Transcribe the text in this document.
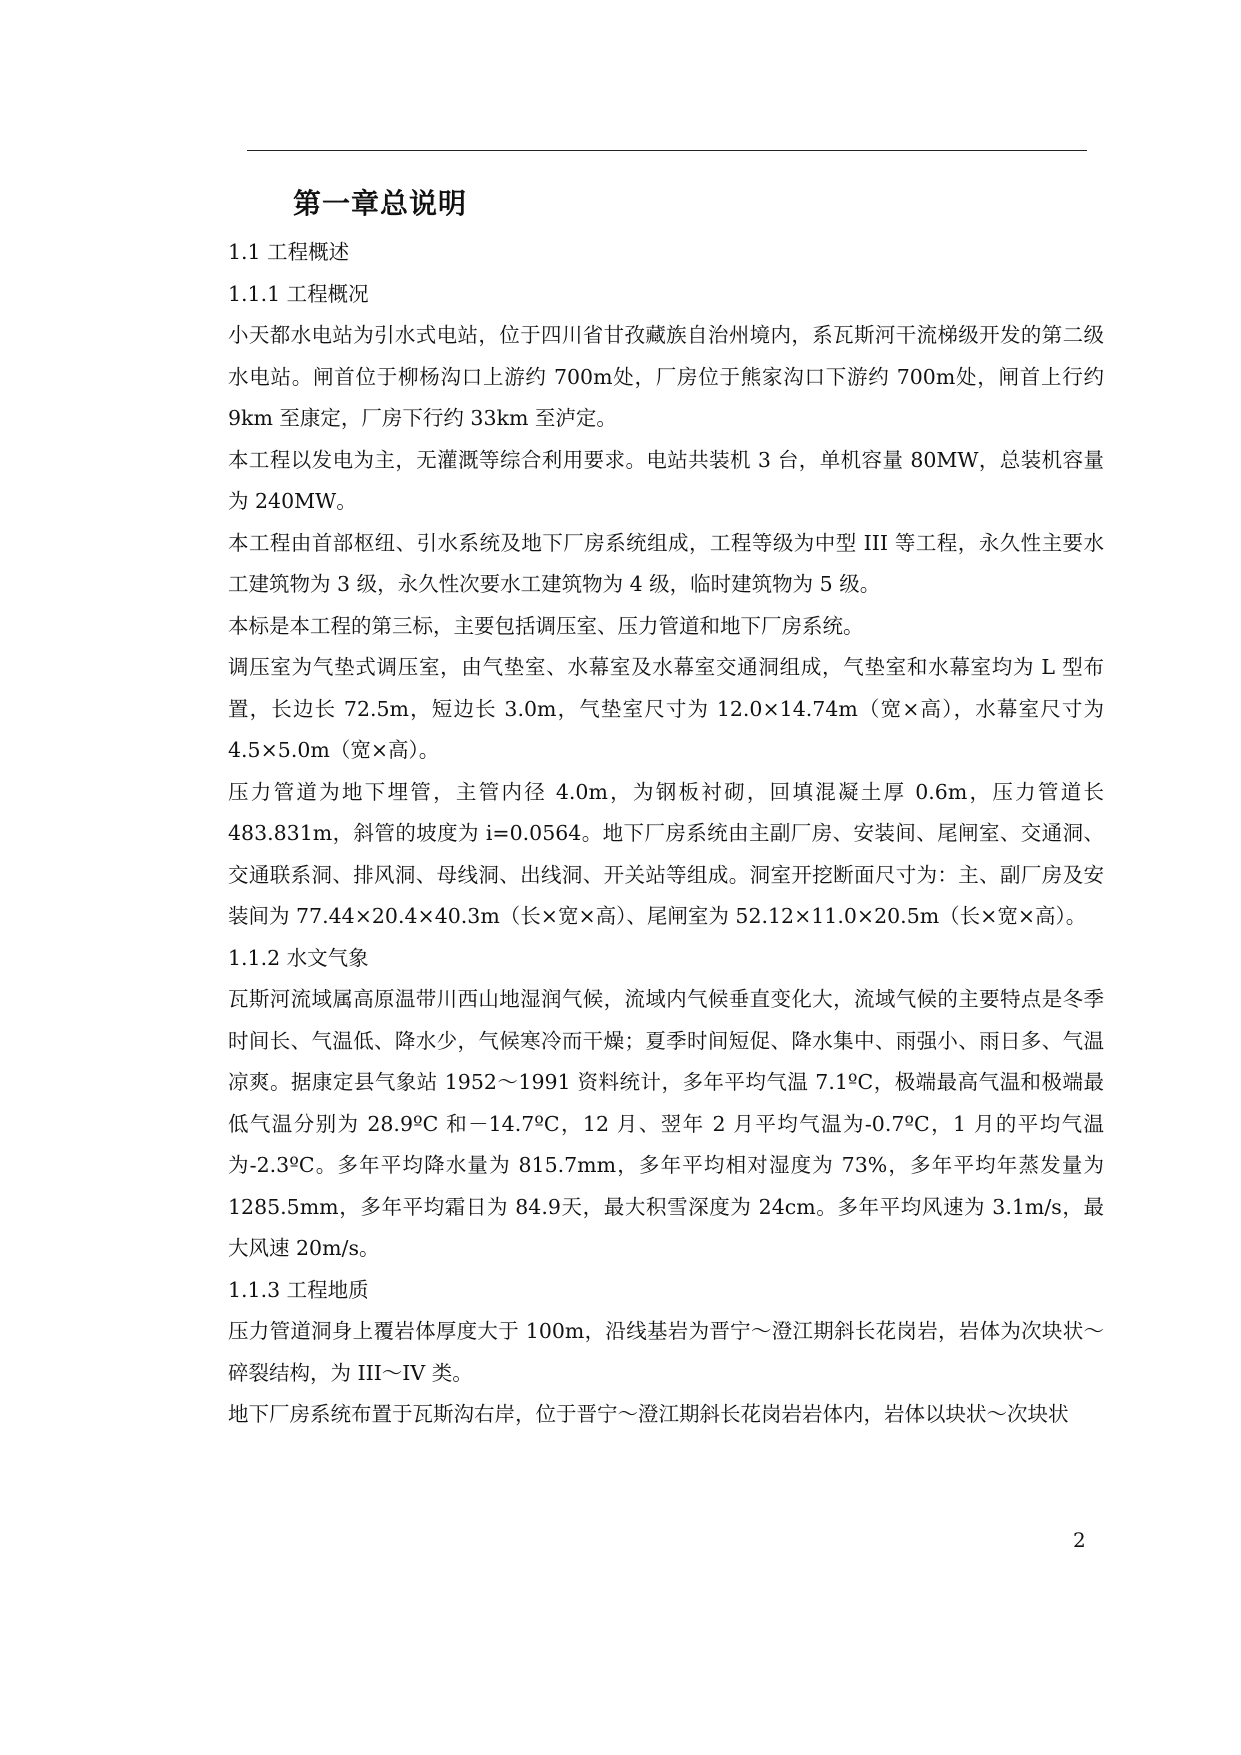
第一章总说明

1.1 工程概述

1.1.1 工程概况

小天都水电站为引水式电站，位于四川省甘孜藏族自治州境内，系瓦斯河干流梯级开发的第二级水电站。闸首位于柳杨沟口上游约 700m处，厂房位于熊家沟口下游约 700m处，闸首上行约 9km 至康定，厂房下行约 33km 至泸定。

本工程以发电为主，无灌溉等综合利用要求。电站共装机 3 台，单机容量 80MW，总装机容量为 240MW。

本工程由首部枢纽、引水系统及地下厂房系统组成，工程等级为中型 III 等工程，永久性主要水工建筑物为 3 级，永久性次要水工建筑物为 4 级，临时建筑物为 5 级。

本标是本工程的第三标，主要包括调压室、压力管道和地下厂房系统。

调压室为气垫式调压室，由气垫室、水幕室及水幕室交通洞组成，气垫室和水幕室均为 L 型布置，长边长 72.5m，短边长 3.0m，气垫室尺寸为 12.0×14.74m（宽×高），水幕室尺寸为 4.5×5.0m（宽×高）。

压力管道为地下埋管，主管内径 4.0m，为钢板衬砌，回填混凝土厚 0.6m，压力管道长 483.831m，斜管的坡度为 i=0.0564。地下厂房系统由主副厂房、安装间、尾闸室、交通洞、交通联系洞、排风洞、母线洞、出线洞、开关站等组成。洞室开挖断面尺寸为：主、副厂房及安装间为 77.44×20.4×40.3m（长×宽×高）、尾闸室为 52.12×11.0×20.5m（长×宽×高）。

1.1.2 水文气象

瓦斯河流域属高原温带川西山地湿润气候，流域内气候垂直变化大，流域气候的主要特点是冬季时间长、气温低、降水少，气候寒冷而干燥；夏季时间短促、降水集中、雨强小、雨日多、气温凉爽。据康定县气象站 1952～1991 资料统计，多年平均气温 7.1ºC，极端最高气温和极端最低气温分别为 28.9ºC 和－14.7ºC，12 月、翌年 2 月平均气温为-0.7ºC，1 月的平均气温为-2.3ºC。多年平均降水量为 815.7mm，多年平均相对湿度为 73%，多年平均年蒸发量为 1285.5mm，多年平均霜日为 84.9天，最大积雪深度为 24cm。多年平均风速为 3.1m/s，最大风速 20m/s。

1.1.3 工程地质

压力管道洞身上覆岩体厚度大于 100m，沿线基岩为晋宁～澄江期斜长花岗岩，岩体为次块状～碎裂结构，为 III～IV 类。

地下厂房系统布置于瓦斯沟右岸，位于晋宁～澄江期斜长花岗岩岩体内，岩体以块状～次块状

2
